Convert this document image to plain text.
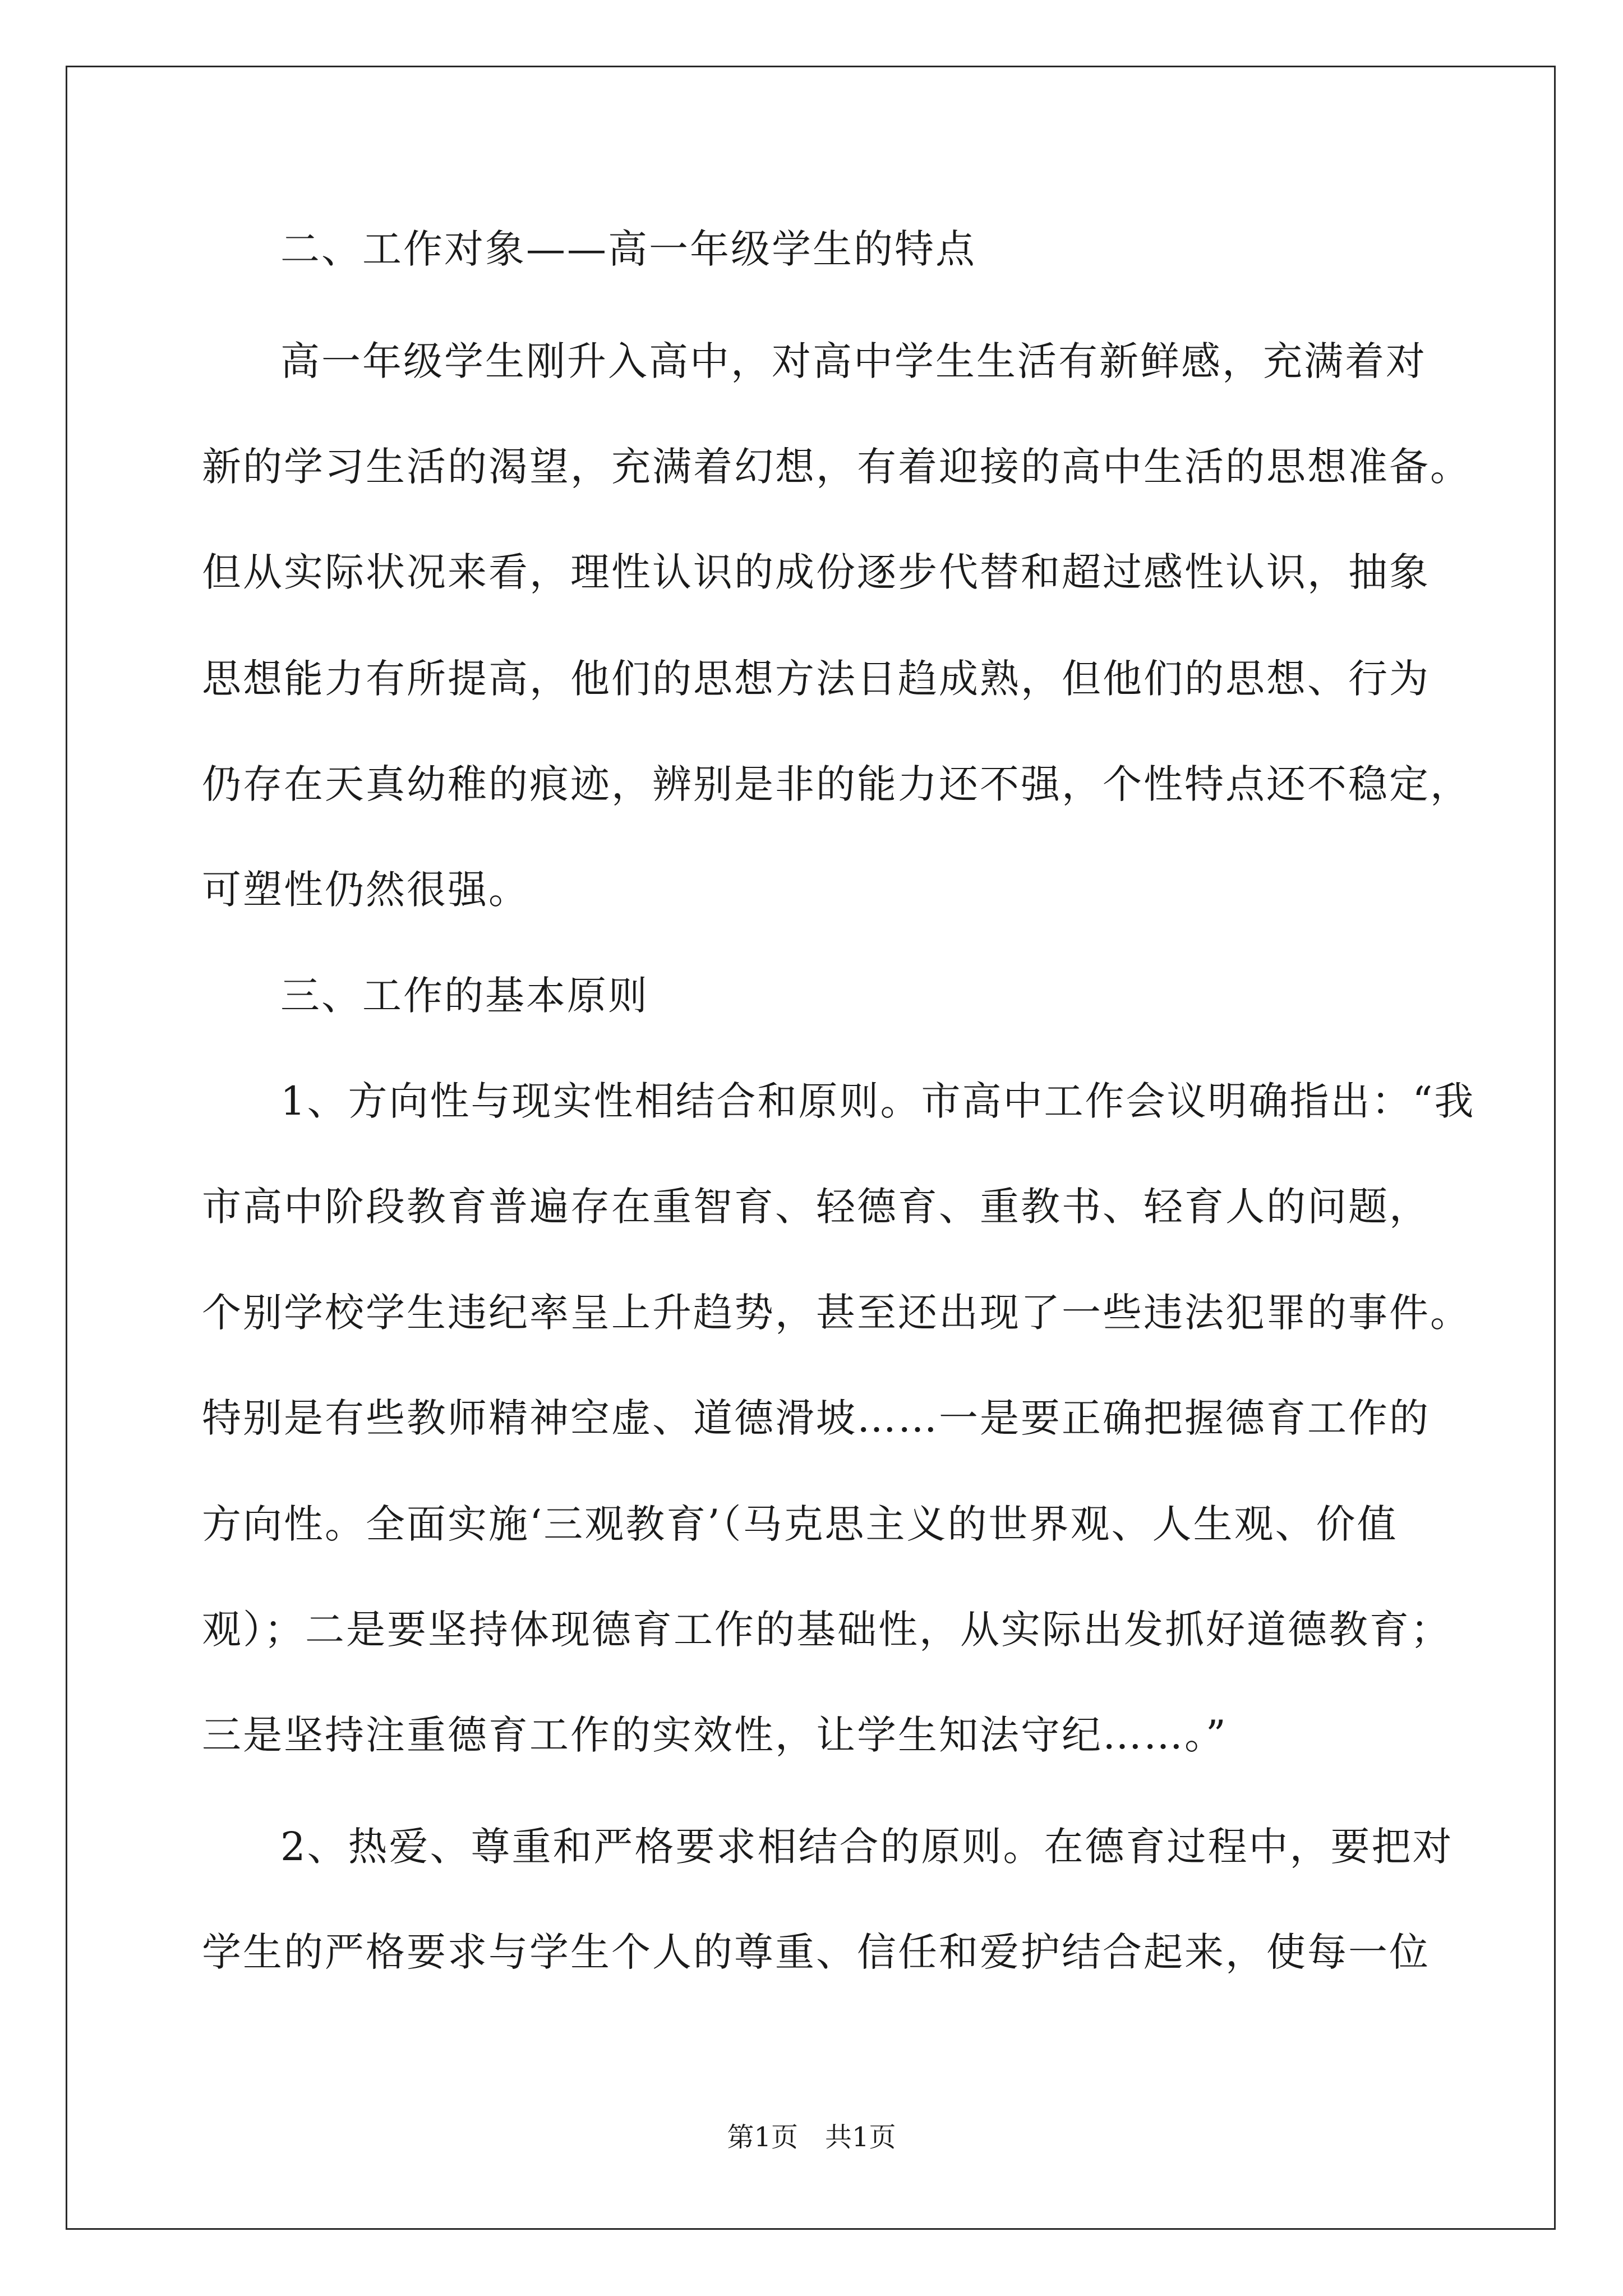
二、工作对象——高一年级学生的特点
高一年级学生刚升入高中，对高中学生生活有新鲜感，充满着对
新的学习生活的渴望，充满着幻想，有着迎接的高中生活的思想准备。
但从实际状况来看，理性认识的成份逐步代替和超过感性认识，抽象
思想能力有所提高，他们的思想方法日趋成熟，但他们的思想、行为
仍存在天真幼稚的痕迹，辨别是非的能力还不强，个性特点还不稳定，
可塑性仍然很强。
三、工作的基本原则
1、方向性与现实性相结合和原则。市高中工作会议明确指出：“我
市高中阶段教育普遍存在重智育、轻德育、重教书、轻育人的问题，
个别学校学生违纪率呈上升趋势，甚至还出现了一些违法犯罪的事件。
特别是有些教师精神空虚、道德滑坡……一是要正确把握德育工作的
方向性。全面实施‘三观教育’（马克思主义的世界观、人生观、价值
观）；二是要坚持体现德育工作的基础性，从实际出发抓好道德教育；
三是坚持注重德育工作的实效性，让学生知法守纪……。”
2、热爱、尊重和严格要求相结合的原则。在德育过程中，要把对
学生的严格要求与学生个人的尊重、信任和爱护结合起来，使每一位
第1页 共1页
